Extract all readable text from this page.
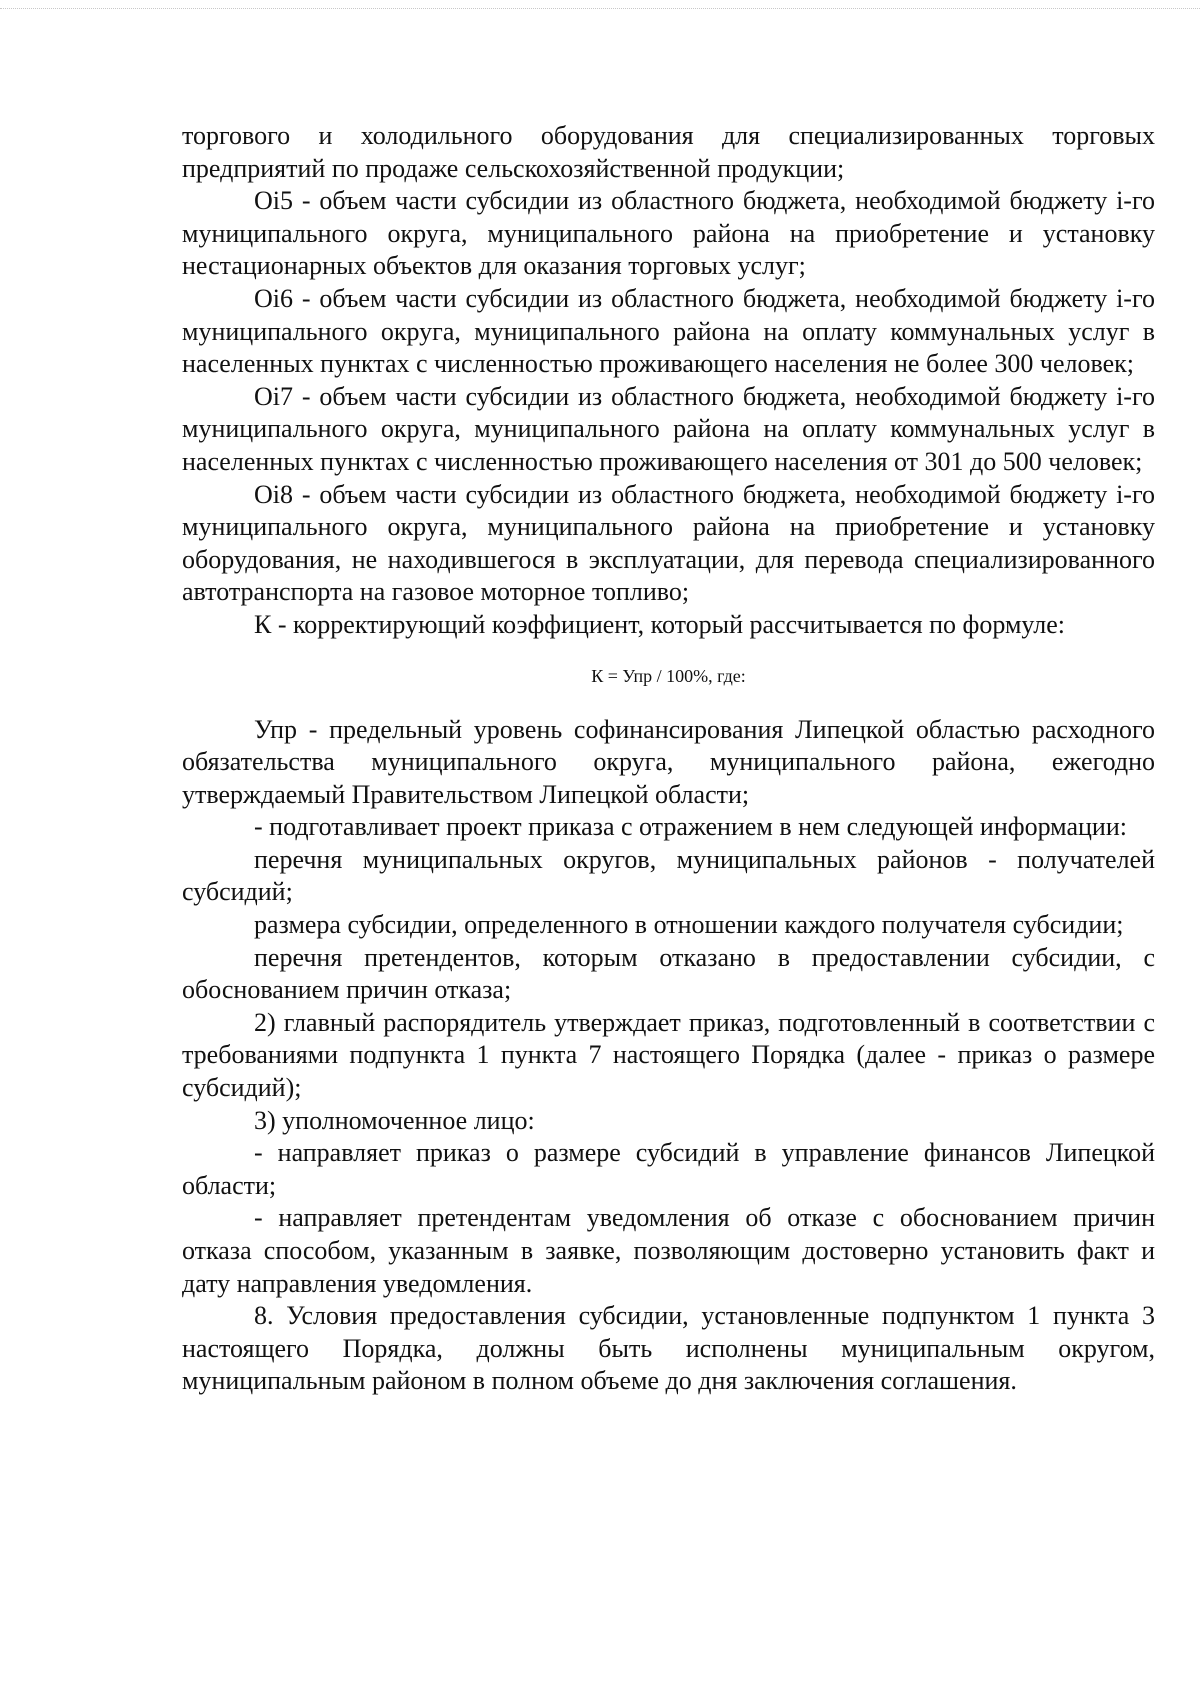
торгового и холодильного оборудования для специализированных торговых предприятий по продаже сельскохозяйственной продукции;

Oi5 - объем части субсидии из областного бюджета, необходимой бюджету i-го муниципального округа, муниципального района на приобретение и установку нестационарных объектов для оказания торговых услуг;

Oi6 - объем части субсидии из областного бюджета, необходимой бюджету i-го муниципального округа, муниципального района на оплату коммунальных услуг в населенных пунктах с численностью проживающего населения не более 300 человек;

Oi7 - объем части субсидии из областного бюджета, необходимой бюджету i-го муниципального округа, муниципального района на оплату коммунальных услуг в населенных пунктах с численностью проживающего населения от 301 до 500 человек;

Oi8 - объем части субсидии из областного бюджета, необходимой бюджету i-го муниципального округа, муниципального района на приобретение и установку оборудования, не находившегося в эксплуатации, для перевода специализированного автотранспорта на газовое моторное топливо;

К - корректирующий коэффициент, который рассчитывается по формуле:

К = Упр / 100%, где:

Упр - предельный уровень софинансирования Липецкой областью расходного обязательства муниципального округа, муниципального района, ежегодно утверждаемый Правительством Липецкой области;

- подготавливает проект приказа с отражением в нем следующей информации:

перечня муниципальных округов, муниципальных районов - получателей субсидий;

размера субсидии, определенного в отношении каждого получателя субсидии;

перечня претендентов, которым отказано в предоставлении субсидии, с обоснованием причин отказа;

2) главный распорядитель утверждает приказ, подготовленный в соответствии с требованиями подпункта 1 пункта 7 настоящего Порядка (далее - приказ о размере субсидий);

3) уполномоченное лицо:

- направляет приказ о размере субсидий в управление финансов Липецкой области;

- направляет претендентам уведомления об отказе с обоснованием причин отказа способом, указанным в заявке, позволяющим достоверно установить факт и дату направления уведомления.

8. Условия предоставления субсидии, установленные подпунктом 1 пункта 3 настоящего Порядка, должны быть исполнены муниципальным округом, муниципальным районом в полном объеме до дня заключения соглашения.
